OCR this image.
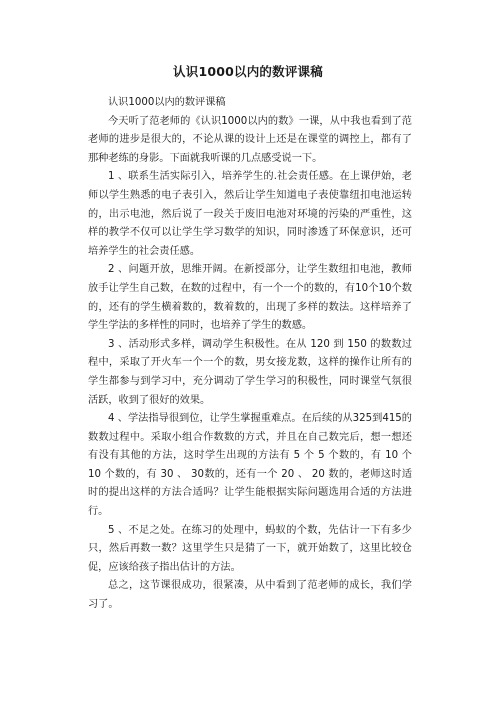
认识1000以内的数评课稿

认识1000以内的数评课稿

今天听了范老师的《认识1000以内的数》一课，从中我也看到了范老师的进步是很大的，不论从课的设计上还是在课堂的调控上，都有了那种老练的身影。下面就我听课的几点感受说一下。

1 、联系生活实际引入，培养学生的.社会责任感。在上课伊始，老师以学生熟悉的电子表引入，然后让学生知道电子表使靠纽扣电池运转的，出示电池，然后说了一段关于废旧电池对环境的污染的严重性，这样的教学不仅可以让学生学习数学的知识，同时渗透了环保意识，还可培养学生的社会责任感。

2 、问题开放，思维开阔。在新授部分，让学生数纽扣电池，教师放手让学生自己数，在数的过程中，有一个一个的数的，有10个10个数的，还有的学生横着数的，数着数的，出现了多样的数法。这样培养了学生学法的多样性的同时，也培养了学生的数感。

3 、活动形式多样，调动学生积极性。在从 120 到 150 的数数过程中，采取了开火车一个一个的数，男女接龙数，这样的操作让所有的学生都参与到学习中，充分调动了学生学习的积极性，同时课堂气氛很活跃，收到了很好的效果。

4 、学法指导很到位，让学生掌握重难点。在后续的从325到415的数数过程中。采取小组合作数数的方式，并且在自己数完后，想一想还有没有其他的方法，这时学生出现的方法有 5 个 5 个数的，有 10 个 10 个数的，有 30 、 30数的，还有一个 20 、 20 数的，老师这时适时的提出这样的方法合适吗？让学生能根据实际问题选用合适的方法进行。

5 、不足之处。在练习的处理中，蚂蚁的个数，先估计一下有多少只，然后再数一数？这里学生只是猜了一下，就开始数了，这里比较仓促，应该给孩子指出估计的方法。

总之，这节课很成功，很紧凑，从中看到了范老师的成长，我们学习了。
